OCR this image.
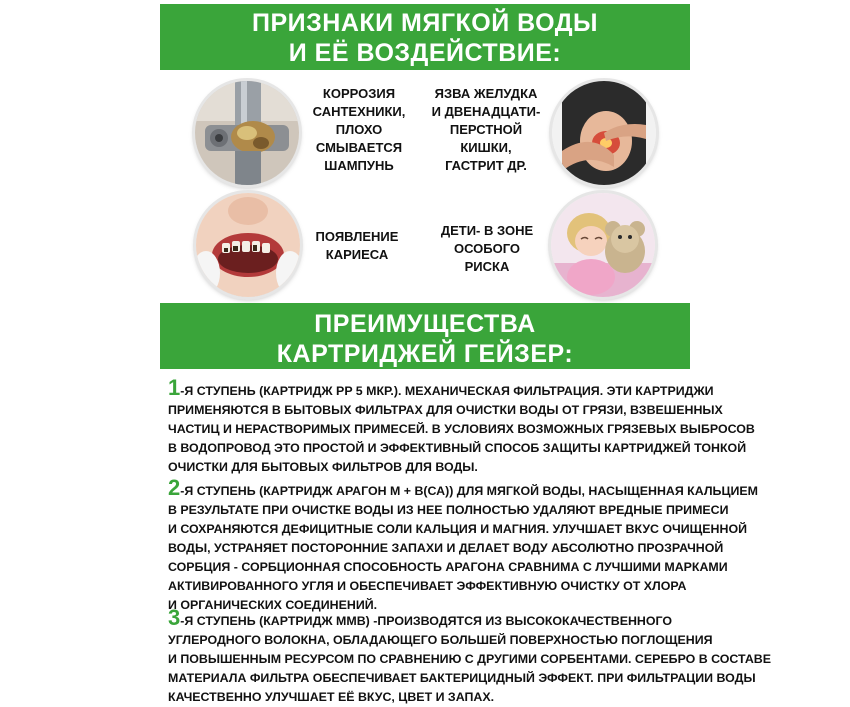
ПРИЗНАКИ МЯГКОЙ ВОДЫ
И ЕЁ ВОЗДЕЙСТВИЕ:
КОРРОЗИЯ
САНТЕХНИКИ,
ПЛОХО
СМЫВАЕТСЯ
ШАМПУНЬ
ЯЗВА ЖЕЛУДКА
И ДВЕНАДЦАТИ-
ПЕРСТНОЙ
КИШКИ,
ГАСТРИТ ДР.
ПОЯВЛЕНИЕ
КАРИЕСА
ДЕТИ- В ЗОНЕ
ОСОБОГО
РИСКА
ПРЕИМУЩЕСТВА
КАРТРИДЖЕЙ ГЕЙЗЕР:
1-Я СТУПЕНЬ (КАРТРИДЖ PP 5 МКР.). МЕХАНИЧЕСКАЯ ФИЛЬТРАЦИЯ. ЭТИ КАРТРИДЖИ
ПРИМЕНЯЮТСЯ В БЫТОВЫХ ФИЛЬТРАХ ДЛЯ ОЧИСТКИ ВОДЫ ОТ ГРЯЗИ, ВЗВЕШЕННЫХ
ЧАСТИЦ И НЕРАСТВОРИМЫХ ПРИМЕСЕЙ. В УСЛОВИЯХ ВОЗМОЖНЫХ ГРЯЗЕВЫХ ВЫБРОСОВ
В ВОДОПРОВОД ЭТО ПРОСТОЙ И ЭФФЕКТИВНЫЙ СПОСОБ ЗАЩИТЫ КАРТРИДЖЕЙ ТОНКОЙ
ОЧИСТКИ ДЛЯ БЫТОВЫХ ФИЛЬТРОВ ДЛЯ ВОДЫ.
2-Я СТУПЕНЬ (КАРТРИДЖ АРАГОН М + В(СА)) ДЛЯ МЯГКОЙ ВОДЫ, НАСЫЩЕННАЯ КАЛЬЦИЕМ
В РЕЗУЛЬТАТЕ ПРИ ОЧИСТКЕ ВОДЫ ИЗ НЕЕ ПОЛНОСТЬЮ УДАЛЯЮТ ВРЕДНЫЕ ПРИМЕСИ
И СОХРАНЯЮТСЯ ДЕФИЦИТНЫЕ СОЛИ КАЛЬЦИЯ И МАГНИЯ. УЛУЧШАЕТ ВКУС ОЧИЩЕННОЙ
ВОДЫ, УСТРАНЯЕТ ПОСТОРОННИЕ ЗАПАХИ И ДЕЛАЕТ ВОДУ АБСОЛЮТНО ПРОЗРАЧНОЙ
СОРБЦИЯ - СОРБЦИОННАЯ СПОСОБНОСТЬ АРАГОНА СРАВНИМА С ЛУЧШИМИ МАРКАМИ
АКТИВИРОВАННОГО УГЛЯ И ОБЕСПЕЧИВАЕТ ЭФФЕКТИВНУЮ ОЧИСТКУ ОТ ХЛОРА
И ОРГАНИЧЕСКИХ СОЕДИНЕНИЙ.
3-Я СТУПЕНЬ (КАРТРИДЖ ММВ) -ПРОИЗВОДЯТСЯ ИЗ ВЫСОКОКАЧЕСТВЕННОГО
УГЛЕРОДНОГО ВОЛОКНА, ОБЛАДАЮЩЕГО БОЛЬШЕЙ ПОВЕРХНОСТЬЮ ПОГЛОЩЕНИЯ
И ПОВЫШЕННЫМ РЕСУРСОМ ПО СРАВНЕНИЮ С ДРУГИМИ СОРБЕНТАМИ. СЕРЕБРО В СОСТАВЕ
МАТЕРИАЛА ФИЛЬТРА ОБЕСПЕЧИВАЕТ БАКТЕРИЦИДНЫЙ ЭФФЕКТ. ПРИ ФИЛЬТРАЦИИ ВОДЫ
КАЧЕСТВЕННО УЛУЧШАЕТ ЕЁ ВКУС, ЦВЕТ И ЗАПАХ.
